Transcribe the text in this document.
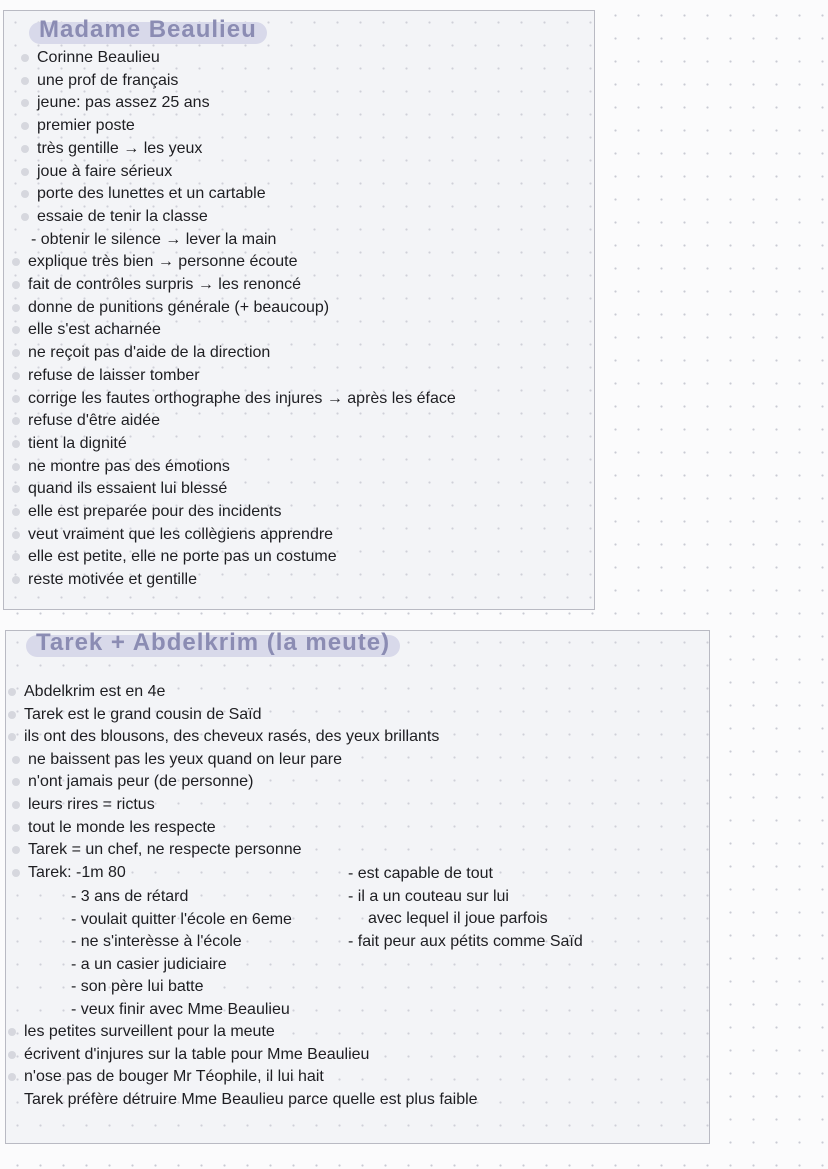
Madame Beaulieu
Corinne Beaulieu
une prof de français
jeune: pas assez 25 ans
premier poste
très gentille → les yeux
joue à faire sérieux
porte des lunettes et un cartable
essaie de tenir la classe
- obtenir le silence → lever la main
explique très bien → personne écoute
fait de contrôles surpris → les renoncé
donne de punitions générale (+ beaucoup)
elle s'est acharnée
ne reçoit pas d'aide de la direction
refuse de laisser tomber
corrige les fautes orthographe des injures → après les éface
refuse d'être aidée
tient la dignité
ne montre pas des émotions
quand ils essaient lui blessé
elle est preparée pour des incidents
veut vraiment que les collègiens apprendre
elle est petite, elle ne porte pas un costume
reste motivée et gentille
Tarek + Abdelkrim (la meute)
Abdelkrim est en 4e
Tarek est le grand cousin de Saïd
ils ont des blousons, des cheveux rasés, des yeux brillants
ne baissent pas les yeux quand on leur pare
n'ont jamais peur (de personne)
leurs rires = rictus
tout le monde les respecte
Tarek = un chef, ne respecte personne
Tarek: -1m 80
- 3 ans de rétard
- voulait quitter l'école en 6eme
- ne s'interèsse à l'école
- a un casier judiciaire
- son père lui batte
- veux finir avec Mme Beaulieu
- est capable de tout
- il a un couteau sur lui
avec lequel il joue parfois
- fait peur aux pétits comme Saïd
les petites surveillent pour la meute
écrivent d'injures sur la table pour Mme Beaulieu
n'ose pas de bouger Mr Téophile, il lui hait
Tarek préfère détruire Mme Beaulieu parce quelle est plus faible
